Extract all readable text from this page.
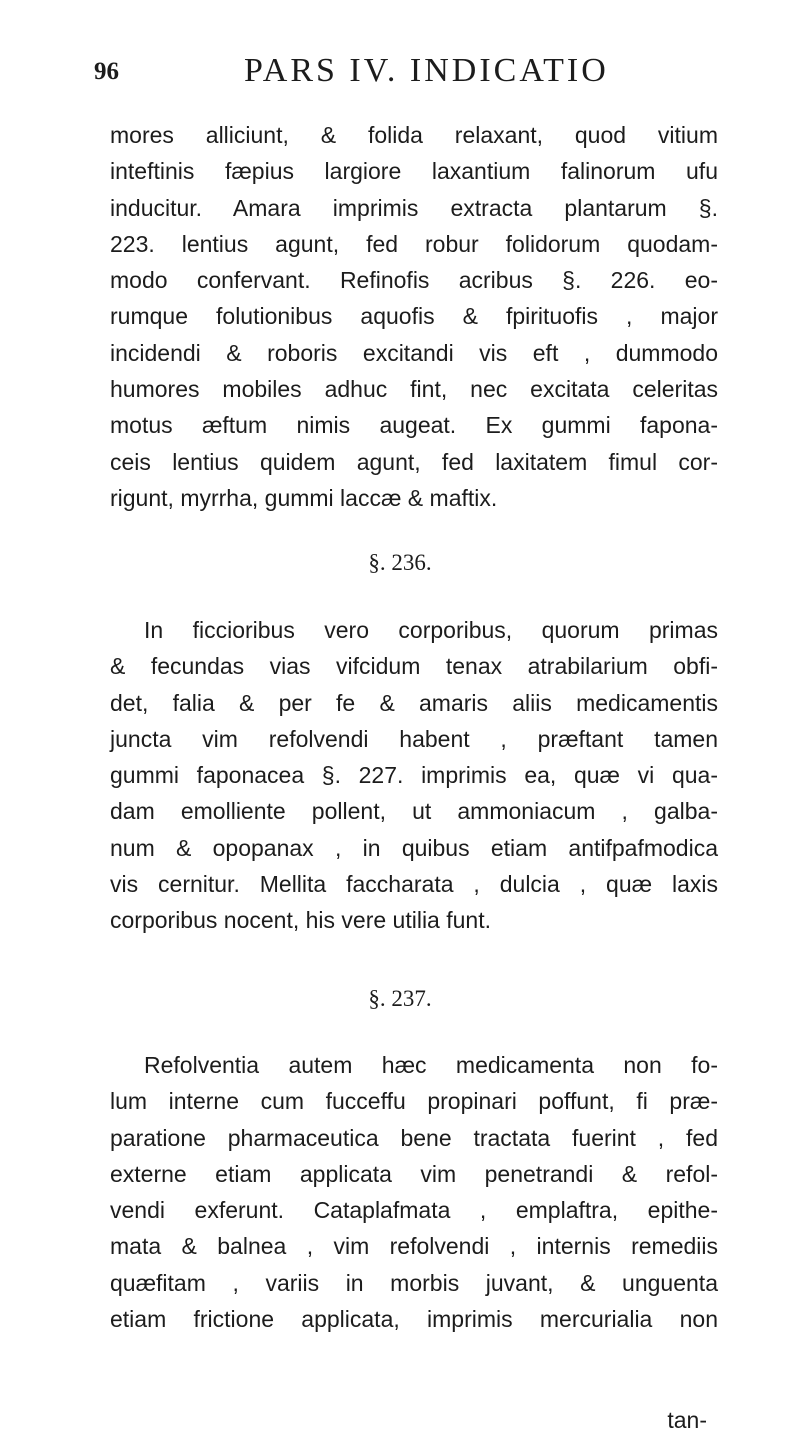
96	PARS IV. INDICATIO
mores alliciunt, & folida relaxant, quod vitium
inteftinis fæpius largiore laxantium falinorum ufu
inducitur. Amara imprimis extracta plantarum §.
223. lentius agunt, fed robur folidorum quodam-
modo confervant. Refinofis acribus §. 226. eo-
rumque folutionibus aquofis & fpirituofis , major
incidendi & roboris excitandi vis eft , dummodo
humores mobiles adhuc fint, nec excitata celeritas
motus æftum nimis augeat. Ex gummi fapona-
ceis lentius quidem agunt, fed laxitatem fimul cor-
rigunt, myrrha, gummi laccæ & maftix.
§. 236.
In ficcioribus vero corporibus, quorum primas
& fecundas vias vifcidum tenax atrabilarium obfi-
det, falia & per fe & amaris aliis medicamentis
juncta vim refolvendi habent , præftant tamen
gummi faponacea §. 227. imprimis ea, quæ vi qua-
dam emolliente pollent, ut ammoniacum , galba-
num & opopanax , in quibus etiam antifpafmodica
vis cernitur. Mellita faccharata , dulcia , quæ laxis
corporibus nocent, his vere utilia funt.
§. 237.
Refolventia autem hæc medicamenta non fo-
lum interne cum fucceffu propinari poffunt, fi præ-
paratione pharmaceutica bene tractata fuerint , fed
externe etiam applicata vim penetrandi & refol-
vendi exferunt. Cataplafmata , emplaftra, epithe-
mata & balnea , vim refolvendi , internis remediis
quæfitam , variis in morbis juvant, & unguenta
etiam frictione applicata, imprimis mercurialia non
tan-
